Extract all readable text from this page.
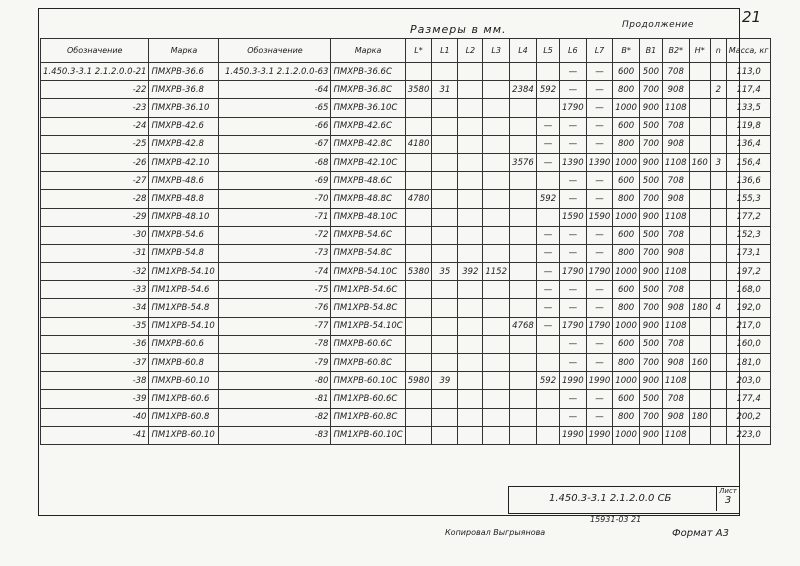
Размеры в мм.	Продолжение	21
Обозначение	Марка	Обозначение	Марка	L*	L1	L2	L3	L4	L5	L6	L7	B*	B1	B2*	H*	n	Масса, кг
1.450.3-3.1 2.1.2.0.0-21	ПМХРВ-36.6	1.450.3-3.1 2.1.2.0.0-63	ПМХРВ-36.6С							—	—	600	500	708			113,0
-22	ПМХРВ-36.8	-64	ПМХРВ-36.8С	3580	31			2384	592	—	—	800	700	908		2	117,4
-23	ПМХРВ-36.10	-65	ПМХРВ-36.10С							1790	—	1000	900	1108			133,5
-24	ПМХРВ-42.6	-66	ПМХРВ-42.6С						—	—	—	600	500	708			119,8
-25	ПМХРВ-42.8	-67	ПМХРВ-42.8С	4180					—	—	—	800	700	908			136,4
-26	ПМХРВ-42.10	-68	ПМХРВ-42.10С					3576	—	1390	1390	1000	900	1108	160	3	156,4
-27	ПМХРВ-48.6	-69	ПМХРВ-48.6С							—	—	600	500	708			136,6
-28	ПМХРВ-48.8	-70	ПМХРВ-48.8С	4780					592	—	—	800	700	908			155,3
-29	ПМХРВ-48.10	-71	ПМХРВ-48.10С							1590	1590	1000	900	1108			177,2
-30	ПМХРВ-54.6	-72	ПМХРВ-54.6С						—	—	—	600	500	708			152,3
-31	ПМХРВ-54.8	-73	ПМХРВ-54.8С						—	—	—	800	700	908			173,1
-32	ПМ1ХРВ-54.10	-74	ПМХРВ-54.10С	5380	35	392	1152		—	1790	1790	1000	900	1108			197,2
-33	ПМ1ХРВ-54.6	-75	ПМ1ХРВ-54.6С						—	—	—	600	500	708			168,0
-34	ПМ1ХРВ-54.8	-76	ПМ1ХРВ-54.8С						—	—	—	800	700	908	180	4	192,0
-35	ПМ1ХРВ-54.10	-77	ПМ1ХРВ-54.10С					4768	—	1790	1790	1000	900	1108			217,0
-36	ПМХРВ-60.6	-78	ПМХРВ-60.6С							—	—	600	500	708			160,0
-37	ПМХРВ-60.8	-79	ПМХРВ-60.8С							—	—	800	700	908	160		181,0
-38	ПМХРВ-60.10	-80	ПМХРВ-60.10С	5980	39				592	1990	1990	1000	900	1108			203,0
-39	ПМ1ХРВ-60.6	-81	ПМ1ХРВ-60.6С							—	—	600	500	708			177,4
-40	ПМ1ХРВ-60.8	-82	ПМ1ХРВ-60.8С							—	—	800	700	908	180		200,2
-41	ПМ1ХРВ-60.10	-83	ПМ1ХРВ-60.10С							1990	1990	1000	900	1108			223,0
1.450.3-3.1 2.1.2.0.0 СБ
Лист
3
15931-03 21
Копировал Выгрыянова	Формат А3
